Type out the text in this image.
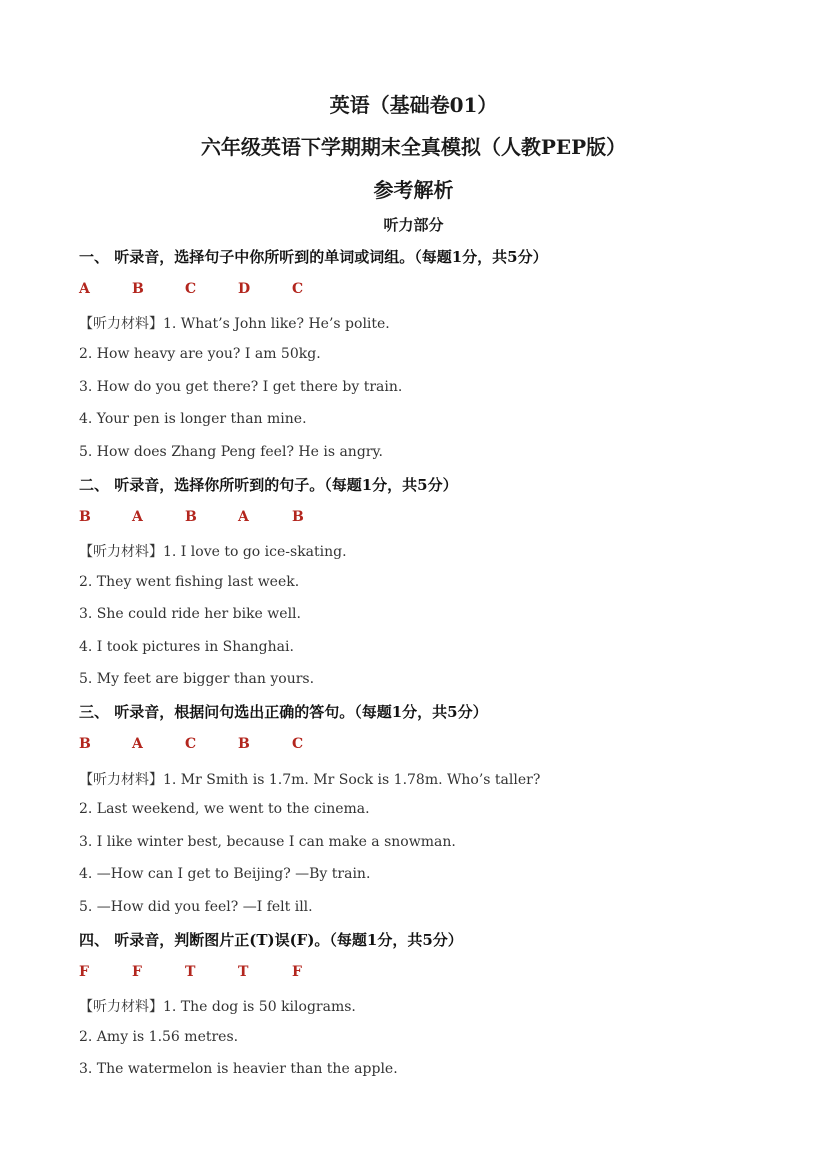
英语（基础卷01）
六年级英语下学期期末全真模拟（人教PEP版）
参考解析
听力部分
一、 听录音，选择句子中你所听到的单词或词组。（每题1分，共5分）
A	B	C	D	C
【听力材料】1. What’s John like? He’s polite.
2. How heavy are you? I am 50kg.
3. How do you get there? I get there by train.
4. Your pen is longer than mine.
5. How does Zhang Peng feel? He is angry.
二、 听录音，选择你所听到的句子。（每题1分，共5分）
B	A	B	A	B
【听力材料】1. I love to go ice-skating.
2. They went fishing last week.
3. She could ride her bike well.
4. I took pictures in Shanghai.
5. My feet are bigger than yours.
三、 听录音，根据问句选出正确的答句。（每题1分，共5分）
B	A	C	B	C
【听力材料】1. Mr Smith is 1.7m. Mr Sock is 1.78m. Who’s taller?
2. Last weekend, we went to the cinema.
3. I like winter best, because I can make a snowman.
4. —How can I get to Beijing? —By train.
5. —How did you feel? —I felt ill.
四、 听录音，判断图片正(T)误(F)。（每题1分，共5分）
F	F	T	T	F
【听力材料】1. The dog is 50 kilograms.
2. Amy is 1.56 metres.
3. The watermelon is heavier than the apple.
